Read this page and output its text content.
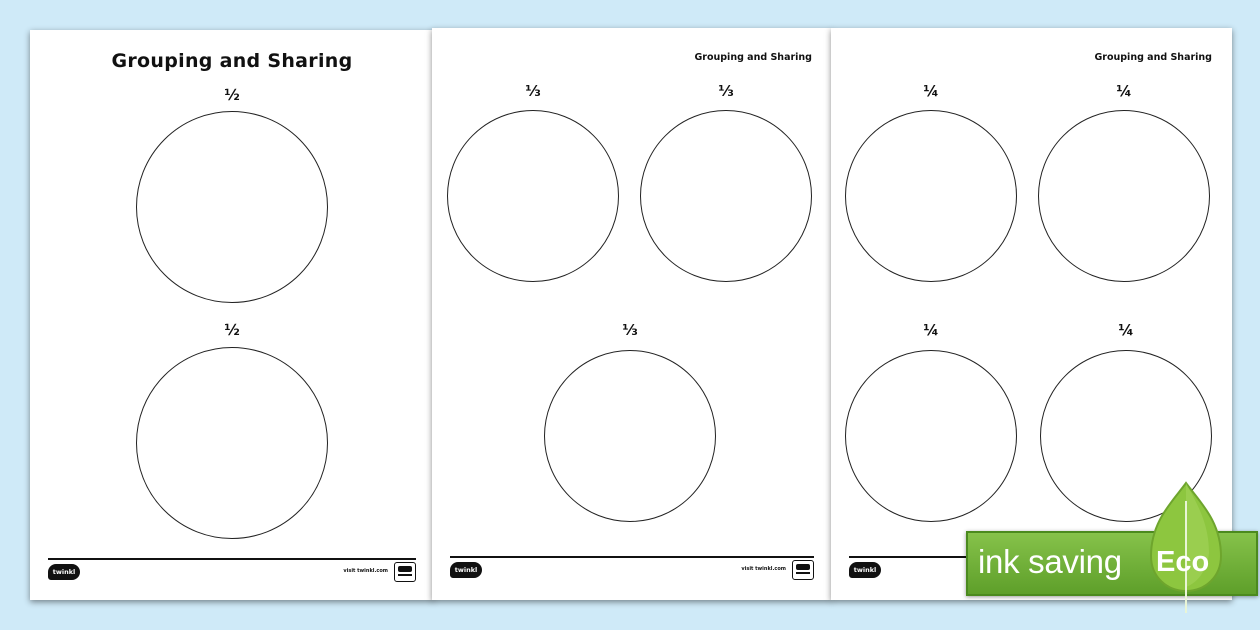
Grouping and Sharing
½
½
twinkl	visit twinkl.com
Grouping and Sharing
⅓	⅓
⅓
twinkl	visit twinkl.com
Grouping and Sharing
¼	¼
¼	¼
twinkl	ink saving Eco
